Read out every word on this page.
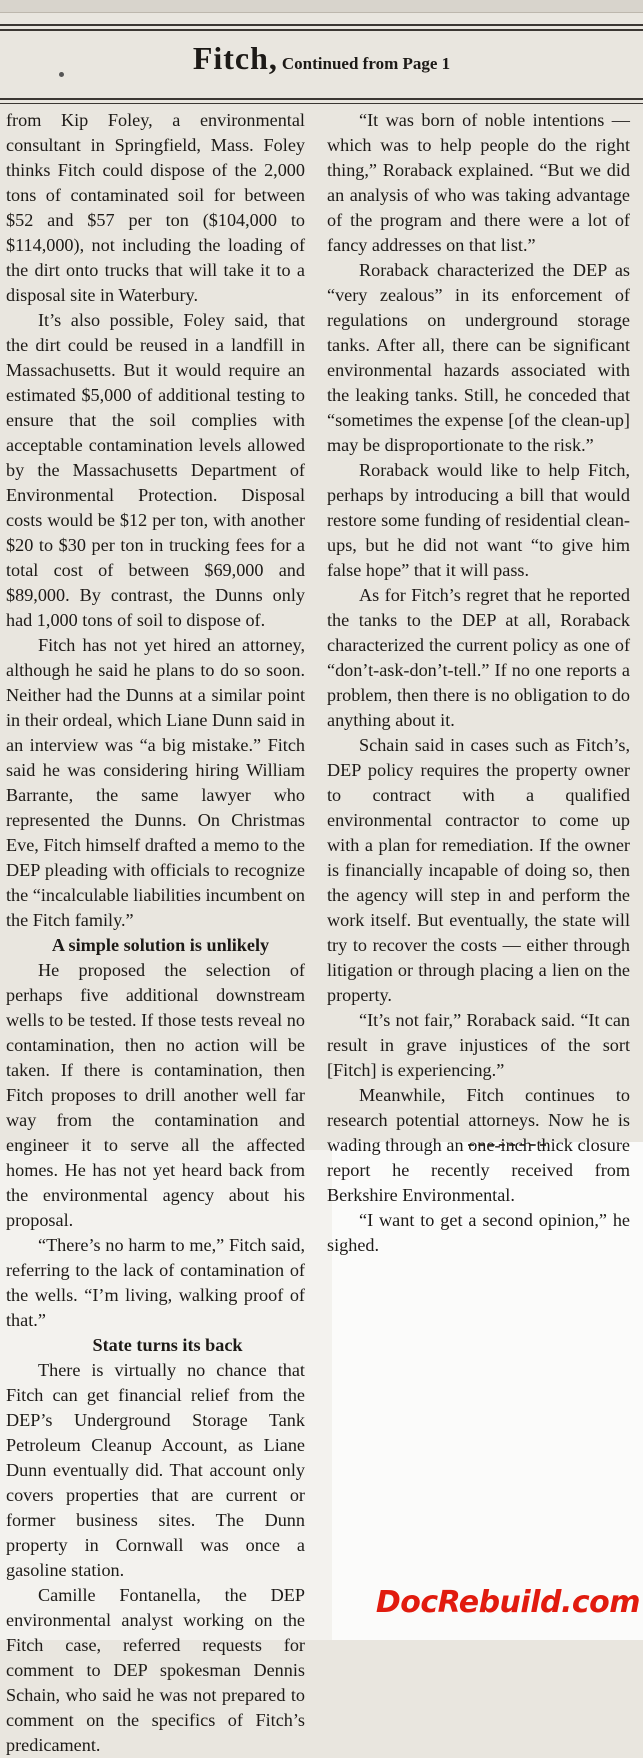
Fitch, Continued from Page 1

from Kip Foley, a environmental consultant in Springfield, Mass. Foley thinks Fitch could dispose of the 2,000 tons of contaminated soil for between $52 and $57 per ton ($104,000 to $114,000), not including the loading of the dirt onto trucks that will take it to a disposal site in Waterbury.

It’s also possible, Foley said, that the dirt could be reused in a landfill in Massachusetts. But it would require an estimated $5,000 of additional testing to ensure that the soil complies with acceptable contamination levels allowed by the Massachusetts Department of Environmental Protection. Disposal costs would be $12 per ton, with another $20 to $30 per ton in trucking fees for a total cost of between $69,000 and $89,000. By contrast, the Dunns only had 1,000 tons of soil to dispose of.

Fitch has not yet hired an attorney, although he said he plans to do so soon. Neither had the Dunns at a similar point in their ordeal, which Liane Dunn said in an interview was “a big mistake.” Fitch said he was considering hiring William Barrante, the same lawyer who represented the Dunns. On Christmas Eve, Fitch himself drafted a memo to the DEP pleading with officials to recognize the “incalculable liabilities incumbent on the Fitch family.”

A simple solution is unlikely

He proposed the selection of perhaps five additional downstream wells to be tested. If those tests reveal no contamination, then no action will be taken. If there is contamination, then Fitch proposes to drill another well far way from the contamination and engineer it to serve all the affected homes. He has not yet heard back from the environmental agency about his proposal.

“There’s no harm to me,” Fitch said, referring to the lack of contamination of the wells. “I’m living, walking proof of that.”

State turns its back

There is virtually no chance that Fitch can get financial relief from the DEP’s Underground Storage Tank Petroleum Cleanup Account, as Liane Dunn eventually did. That account only covers properties that are current or former business sites. The Dunn property in Cornwall was once a gasoline station.

Camille Fontanella, the DEP environmental analyst working on the Fitch case, referred requests for comment to DEP spokesman Dennis Schain, who said he was not prepared to comment on the specifics of Fitch’s predicament.

“It was born of noble intentions — which was to help people do the right thing,” Roraback explained. “But we did an analysis of who was taking advantage of the program and there were a lot of fancy addresses on that list.”

Roraback characterized the DEP as “very zealous” in its enforcement of regulations on underground storage tanks. After all, there can be significant environmental hazards associated with the leaking tanks. Still, he conceded that “sometimes the expense [of the clean-up] may be disproportionate to the risk.”

Roraback would like to help Fitch, perhaps by introducing a bill that would restore some funding of residential clean-ups, but he did not want “to give him false hope” that it will pass.

As for Fitch’s regret that he reported the tanks to the DEP at all, Roraback characterized the current policy as one of “don’t-ask-don’t-tell.” If no one reports a problem, then there is no obligation to do anything about it.

Schain said in cases such as Fitch’s, DEP policy requires the property owner to contract with a qualified environmental contractor to come up with a plan for remediation. If the owner is financially incapable of doing so, then the agency will step in and perform the work itself. But eventually, the state will try to recover the costs — either through litigation or through placing a lien on the property.

“It’s not fair,” Roraback said. “It can result in grave injustices of the sort [Fitch] is experiencing.”

Meanwhile, Fitch continues to research potential attorneys. Now he is wading through an one-inch thick closure report he recently received from Berkshire Environmental.

“I want to get a second opinion,” he sighed.

DocRebuild.com
